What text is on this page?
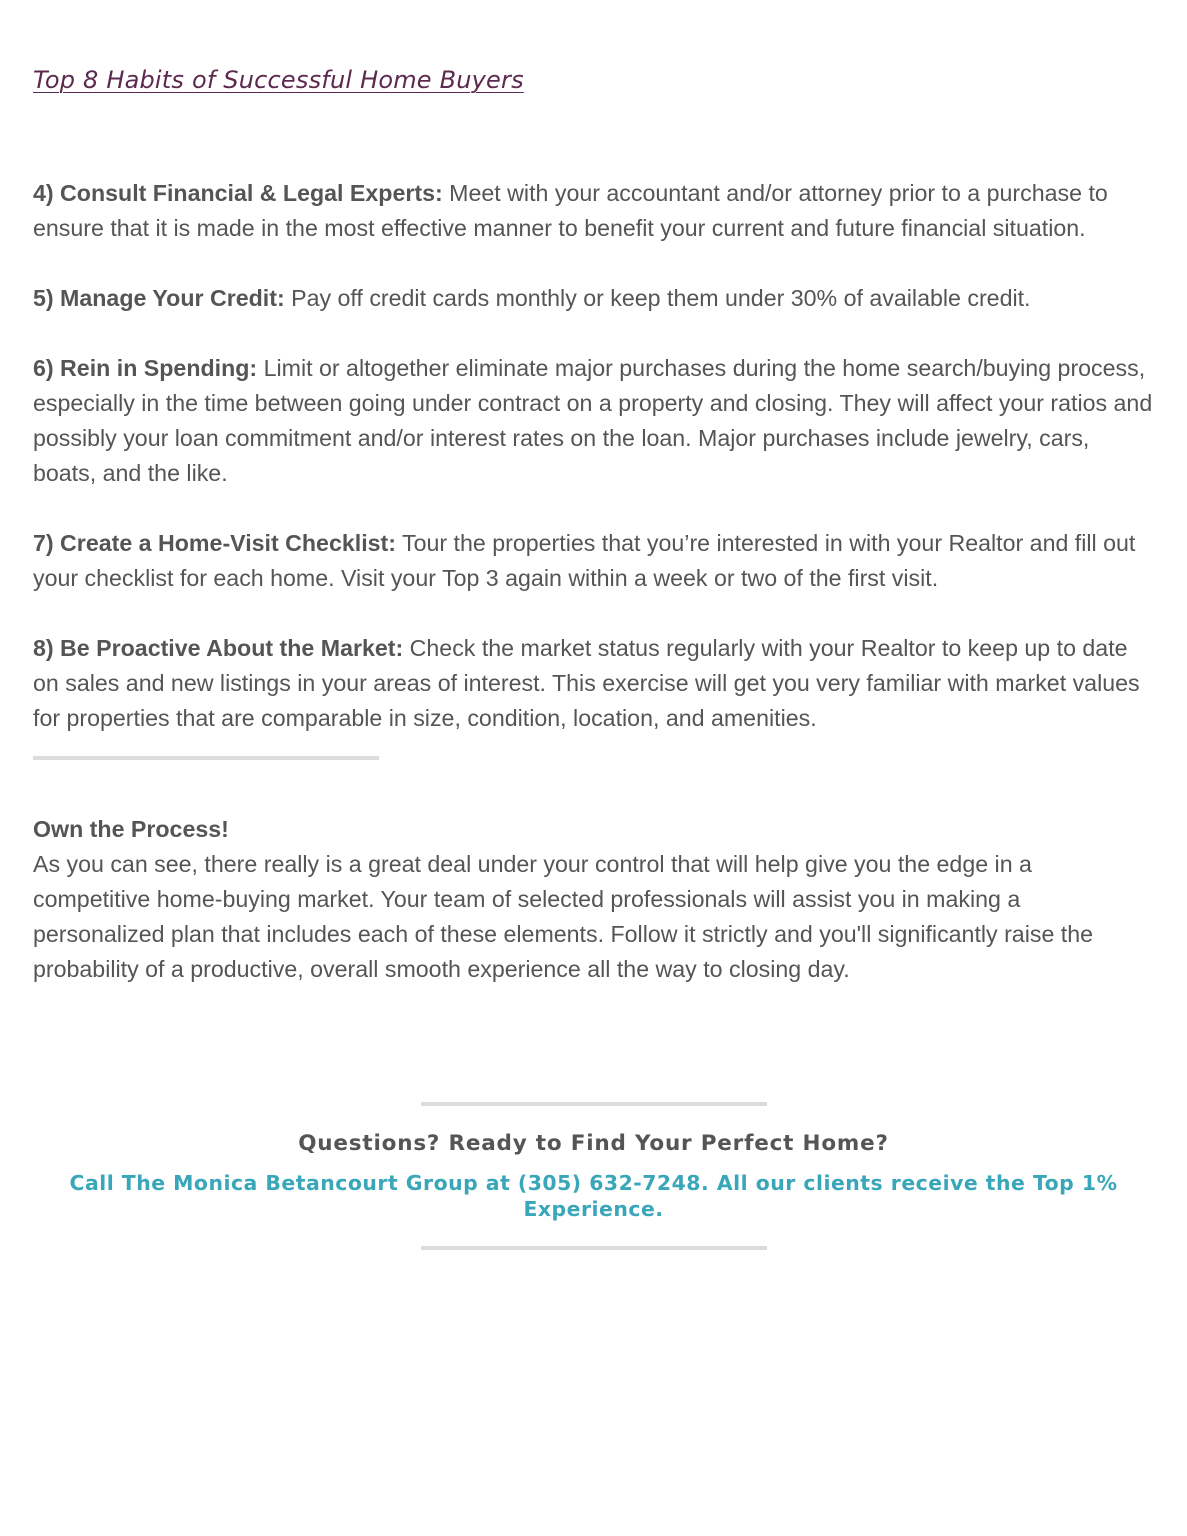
Top 8 Habits of Successful Home Buyers

4) Consult Financial & Legal Experts: Meet with your accountant and/or attorney prior to a purchase to ensure that it is made in the most effective manner to benefit your current and future financial situation.

5) Manage Your Credit: Pay off credit cards monthly or keep them under 30% of available credit.

6) Rein in Spending: Limit or altogether eliminate major purchases during the home search/buying process, especially in the time between going under contract on a property and closing. They will affect your ratios and possibly your loan commitment and/or interest rates on the loan. Major purchases include jewelry, cars, boats, and the like.

7) Create a Home-Visit Checklist: Tour the properties that you’re interested in with your Realtor and fill out your checklist for each home. Visit your Top 3 again within a week or two of the first visit.

8) Be Proactive About the Market: Check the market status regularly with your Realtor to keep up to date on sales and new listings in your areas of interest. This exercise will get you very familiar with market values for properties that are comparable in size, condition, location, and amenities.

Own the Process!

As you can see, there really is a great deal under your control that will help give you the edge in a competitive home-buying market. Your team of selected professionals will assist you in making a personalized plan that includes each of these elements. Follow it strictly and you'll significantly raise the probability of a productive, overall smooth experience all the way to closing day.

Questions? Ready to Find Your Perfect Home?

Call The Monica Betancourt Group at (305) 632-7248. All our clients receive the Top 1% Experience.
